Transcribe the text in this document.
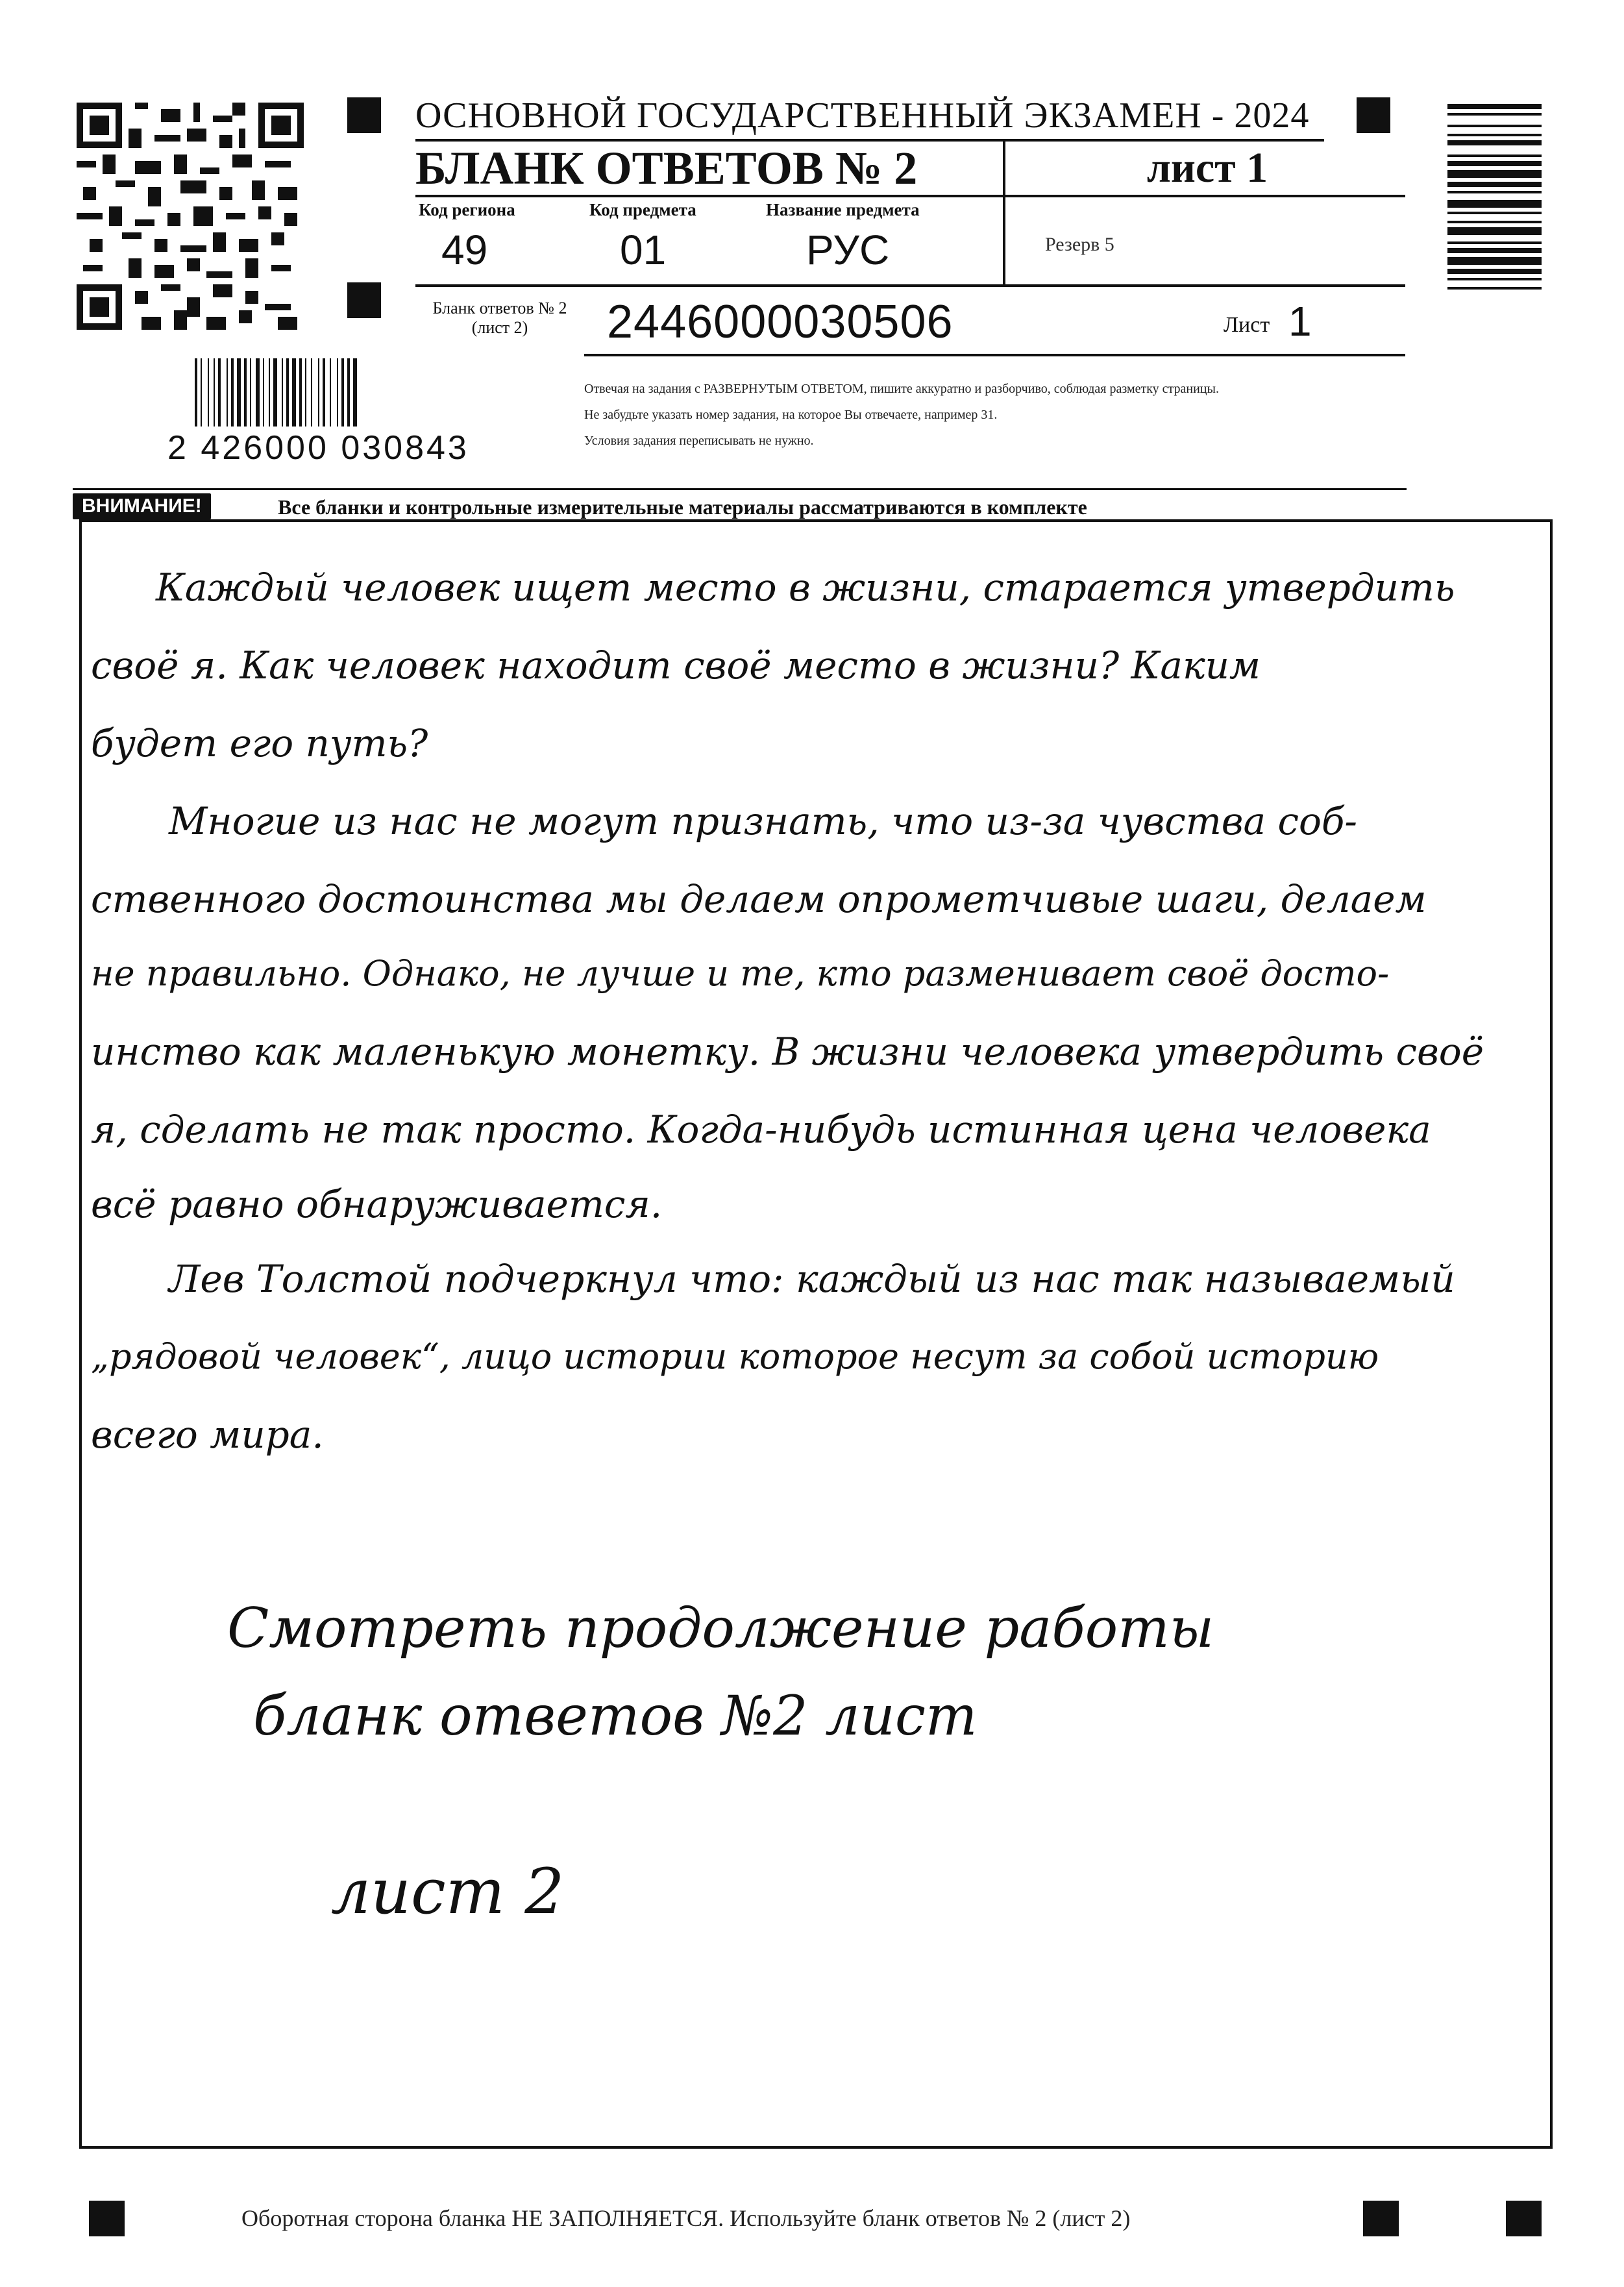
2 426000 030843
ОСНОВНОЙ ГОСУДАРСТВЕННЫЙ ЭКЗАМЕН - 2024
БЛАНК ОТВЕТОВ № 2	лист 1
Код региона
49
Код предмета
01
Название предмета
РУС	Резерв 5
Бланк ответов № 2
(лист 2)	2446000030506	Лист 1
Отвечая на задания с РАЗВЕРНУТЫМ ОТВЕТОМ, пишите аккуратно и разборчиво, соблюдая разметку страницы.
Не забудьте указать номер задания, на которое Вы отвечаете, например 31.
Условия задания переписывать не нужно.
ВНИМАНИЕ!	Все бланки и контрольные измерительные материалы рассматриваются в комплекте
Каждый человек ищет место в жизни, старается утвердить
своё я. Как человек находит своё место в жизни? Каким
будет его путь?
Многие из нас не могут признать, что из-за чувства соб-
ственного достоинства мы делаем опрометчивые шаги, делаем
не правильно. Однако, не лучше и те, кто разменивает своё досто-
инство как маленькую монетку. В жизни человека утвердить своё
я, сделать не так просто. Когда-нибудь истинная цена человека
всё равно обнаруживается.
Лев Толстой подчеркнул что: каждый из нас так называемый
„рядовой человек“, лицо истории которое несут за собой историю
всего мира.
Смотреть продолжение работы
бланк ответов №2 лист
лист 2
Оборотная сторона бланка НЕ ЗАПОЛНЯЕТСЯ. Используйте бланк ответов № 2 (лист 2)
